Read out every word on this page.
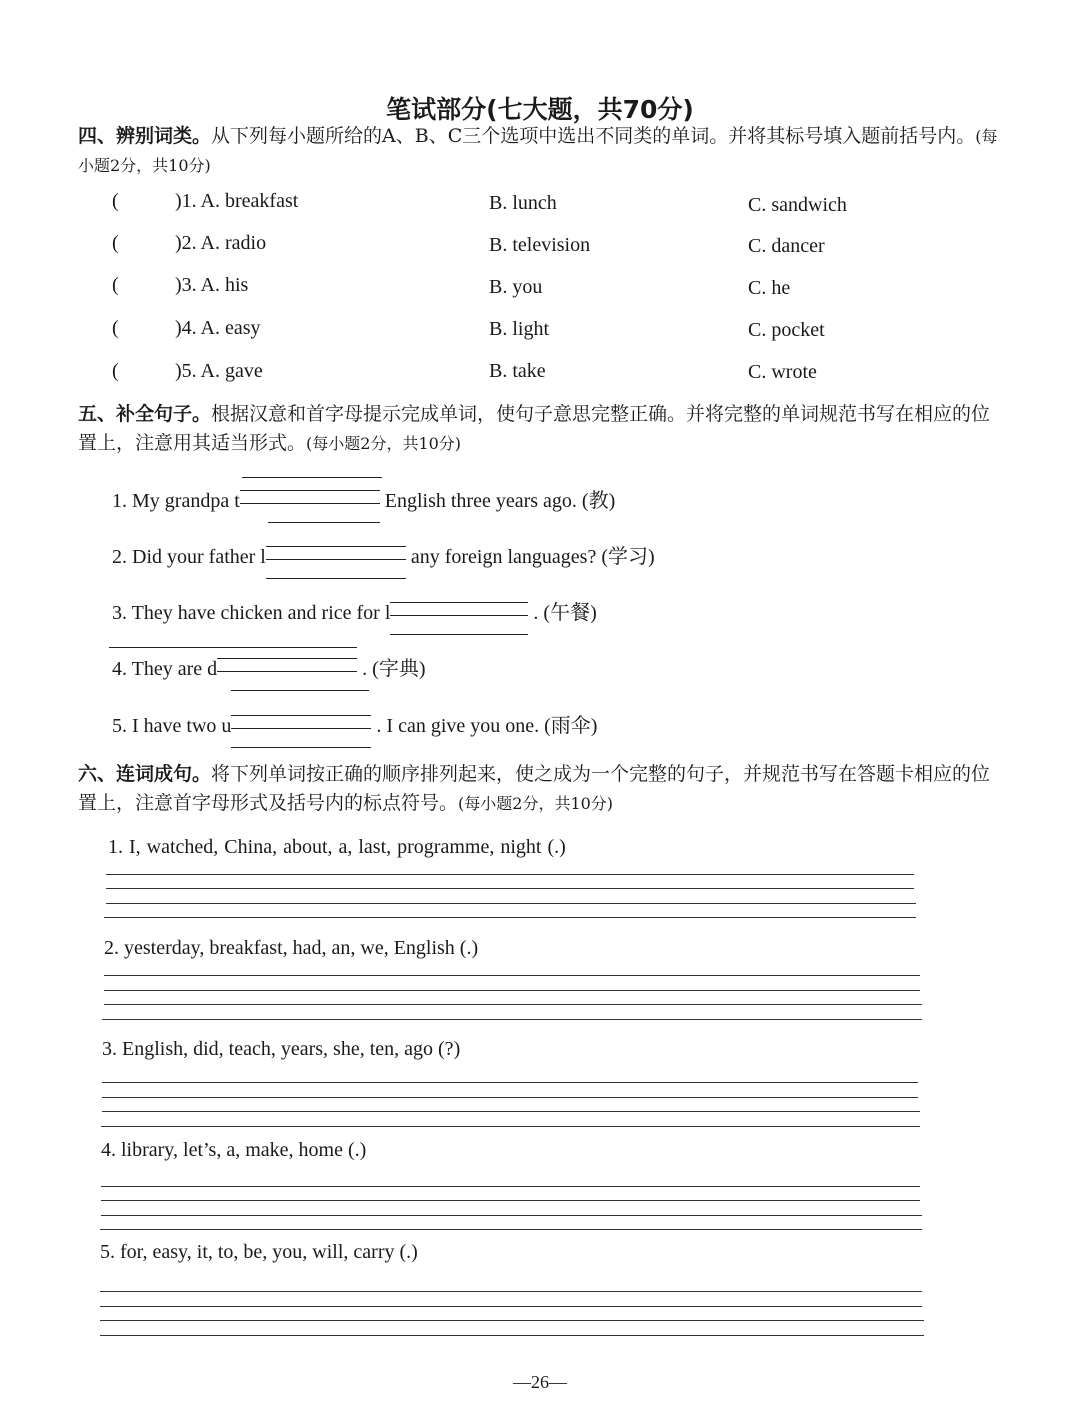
笔试部分(七大题，共70分)
四、辨别词类。从下列每小题所给的A、B、C三个选项中选出不同类的单词。并将其标号填入题前括号内。(每小题2分，共10分)
(	)1. A. breakfast	B. lunch	C. sandwich
(	)2. A. radio	B. television	C. dancer
(	)3. A. his	B. you	C. he
(	)4. A. easy	B. light	C. pocket
(	)5. A. gave	B. take	C. wrote
五、补全句子。根据汉意和首字母提示完成单词，使句子意思完整正确。并将完整的单词规范书写在相应的位置上，注意用其适当形式。(每小题2分，共10分)
1. My grandpa t	English three years ago. (教)
2. Did your father l	any foreign languages? (学习)
3. They have chicken and rice for l	. (午餐)
4. They are d	. (字典)
5. I have two u	. I can give you one. (雨伞)
六、连词成句。将下列单词按正确的顺序排列起来，使之成为一个完整的句子，并规范书写在答题卡相应的位置上，注意首字母形式及括号内的标点符号。(每小题2分，共10分)
1. I, watched, China, about, a, last, programme, night (.)
2. yesterday, breakfast, had, an, we, English (.)
3. English, did, teach, years, she, ten, ago (?)
4. library, let’s, a, make, home (.)
5. for, easy, it, to, be, you, will, carry (.)
—26—
